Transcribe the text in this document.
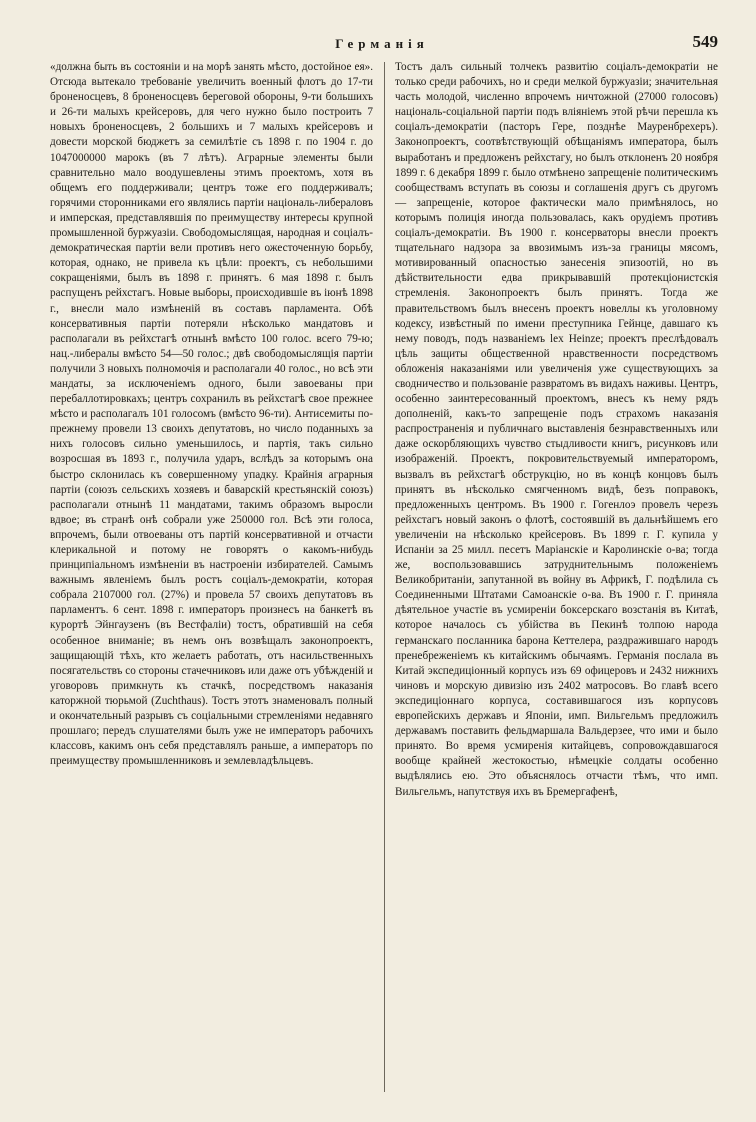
Германія	549

«должна быть въ состояніи и на морѣ занять мѣсто, достойное ея». Отсюда вытекало требованіе увеличить военный флотъ до 17-ти броненосцевъ, 8 броненосцевъ береговой обороны, 9-ти большихъ и 26-ти малыхъ крейсеровъ, для чего нужно было построить 7 новыхъ броненосцевъ, 2 большихъ и 7 малыхъ крейсеровъ и довести морской бюджетъ за семилѣтіе съ 1898 г. по 1904 г. до 1047000000 марокъ (въ 7 лѣтъ). Аграрные элементы были сравнительно мало воодушевлены этимъ проектомъ, хотя въ общемъ его поддерживали; центръ тоже его поддерживалъ; горячими сторонниками его являлись партіи національ-либераловъ и имперская, представлявшія по преимуществу интересы крупной промышленной буржуазіи. Свободомыслящая, народная и соціалъ-демократическая партіи вели противъ него ожесточенную борьбу, которая, однако, не привела къ цѣли: проектъ, съ небольшими сокращеніями, былъ въ 1898 г. принятъ. 6 мая 1898 г. былъ распущенъ рейхстагъ. Новые выборы, происходившіе въ іюнѣ 1898 г., внесли мало измѣненій въ составъ парламента. Обѣ консервативныя партіи потеряли нѣсколько мандатовъ и располагали въ рейхстагѣ отнынѣ вмѣсто 100 голос. всего 79-ю; нац.-либералы вмѣсто 54—50 голос.; двѣ свободомыслящія партіи получили 3 новыхъ полномочія и располагали 40 голос., но всѣ эти мандаты, за исключеніемъ одного, были завоеваны при перебаллотировкахъ; центръ сохранилъ въ рейхстагѣ свое прежнее мѣсто и располагалъ 101 голосомъ (вмѣсто 96-ти). Антисемиты по-прежнему провели 13 своихъ депутатовъ, но число поданныхъ за нихъ голосовъ сильно уменьшилось, и партія, такъ сильно возросшая въ 1893 г., получила ударъ, вслѣдъ за которымъ она быстро склонилась къ совершенному упадку. Крайнія аграрныя партіи (союзъ сельскихъ хозяевъ и баварскій крестьянскій союзъ) располагали отнынѣ 11 мандатами, такимъ образомъ выросли вдвое; въ странѣ онѣ собрали уже 250000 гол. Всѣ эти голоса, впрочемъ, были отвоеваны отъ партій консервативной и отчасти клерикальной и потому не говорятъ о какомъ-нибудь принципіальномъ измѣненіи въ настроеніи избирателей. Самымъ важнымъ явленіемъ былъ ростъ соціалъ-демократіи, которая собрала 2107000 гол. (27%) и провела 57 своихъ депутатовъ въ парламентъ. 6 сент. 1898 г. императоръ произнесъ на банкетѣ въ курортѣ Эйнгаузенъ (въ Вестфаліи) тостъ, обратившій на себя особенное вниманіе; въ немъ онъ возвѣщалъ законопроектъ, защищающій тѣхъ, кто желаетъ работать, отъ насильственныхъ посягательствъ со стороны стачечниковъ или даже отъ убѣжденій и уговоровъ примкнуть къ стачкѣ, посредствомъ наказанія каторжной тюрьмой (Zuchthaus). Тостъ этотъ знаменовалъ полный и окончательный разрывъ съ соціальными стремленіями недавняго прошлаго; передъ слушателями былъ уже не императоръ рабочихъ классовъ, какимъ онъ себя представлялъ раньше, а императоръ по преимуществу промышленниковъ и землевладѣльцевъ.

Тостъ далъ сильный толчекъ развитію соціалъ-демократіи не только среди рабочихъ, но и среди мелкой буржуазіи; значительная часть молодой, численно впрочемъ ничтожной (27000 голосовъ) національ-соціальной партіи подъ вліяніемъ этой рѣчи перешла къ соціалъ-демократіи (пасторъ Гере, позднѣе Мауренбрехеръ). Законопроектъ, соотвѣтствующій обѣщаніямъ императора, былъ выработанъ и предложенъ рейхстагу, но былъ отклоненъ 20 ноября 1899 г. 6 декабря 1899 г. было отмѣнено запрещеніе политическимъ сообществамъ вступать въ союзы и соглашенія другъ съ другомъ — запрещеніе, которое фактически мало примѣнялось, но которымъ полиція иногда пользовалась, какъ орудіемъ противъ соціалъ-демократіи. Въ 1900 г. консерваторы внесли проектъ тщательнаго надзора за ввозимымъ изъ-за границы мясомъ, мотивированный опасностью занесенія эпизоотій, но въ дѣйствительности едва прикрывавшій протекціонистскія стремленія. Законопроектъ былъ принятъ. Тогда же правительствомъ былъ внесенъ проектъ новеллы къ уголовному кодексу, извѣстный по имени преступника Гейнце, давшаго къ нему поводъ, подъ названіемъ lex Heinze; проектъ преслѣдовалъ цѣль защиты общественной нравственности посредствомъ обложенія наказаніями или увеличенія уже существующихъ за сводничество и пользованіе развратомъ въ видахъ наживы. Центръ, особенно заинтересованный проектомъ, внесъ къ нему рядъ дополненій, какъ-то запрещеніе подъ страхомъ наказанія распространенія и публичнаго выставленія безнравственныхъ или даже оскорбляющихъ чувство стыдливости книгъ, рисунковъ или изображеній. Проектъ, покровительствуемый императоромъ, вызвалъ въ рейхстагѣ обструкцію, но въ концѣ концовъ былъ принятъ въ нѣсколько смягченномъ видѣ, безъ поправокъ, предложенныхъ центромъ. Въ 1900 г. Гогенлоэ провелъ черезъ рейхстагъ новый законъ о флотѣ, состоявшій въ дальнѣйшемъ его увеличеніи на нѣсколько крейсеровъ. Въ 1899 г. Г. купила у Испаніи за 25 милл. песетъ Маріанскіе и Каролинскіе о-ва; тогда же, воспользовавшись затруднительнымъ положеніемъ Великобританіи, запутанной въ войну въ Африкѣ, Г. подѣлила съ Соединенными Штатами Самоанскіе о-ва. Въ 1900 г. Г. приняла дѣятельное участіе въ усмиреніи боксерскаго возстанія въ Китаѣ, которое началось съ убійства въ Пекинѣ толпою народа германскаго посланника барона Кеттелера, раздражившаго народъ пренебреженіемъ къ китайскимъ обычаямъ. Германія послала въ Китай экспедиціонный корпусъ изъ 69 офицеровъ и 2432 нижнихъ чиновъ и морскую дивизію изъ 2402 матросовъ. Во главѣ всего экспедиціоннаго корпуса, составившагося изъ корпусовъ европейскихъ державъ и Японіи, имп. Вильгельмъ предложилъ державамъ поставить фельдмаршала Вальдерзее, что ими и было принято. Во время усмиренія китайцевъ, сопровождавшагося вообще крайней жестокостью, нѣмецкіе солдаты особенно выдѣлялись ею. Это объяснялось отчасти тѣмъ, что имп. Вильгельмъ, напутствуя ихъ въ Бремергафенѣ,
